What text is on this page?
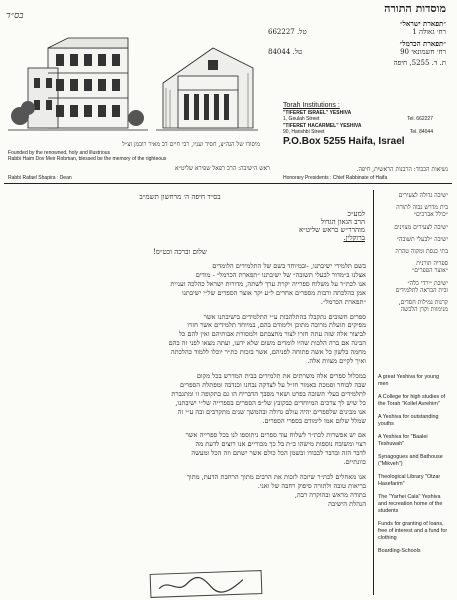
בס״ד
מוסדות התורה
״תפארת ישראל״
רח׳ גאולה 1
טל. 662227
״תפארת הכרמל״
רח׳ חשמונאי 90
טל. 84044
ת. ד. 5255, חיפה
Torah Institutions :
"TIFERET ISRAEL" YESHIVA
1, Geulah Street	Tel. 662227
"TIFERET HACARMEL" YESHIVA
90, Harishbi Street	Tel. 84044
P.O.Box 5255 Haifa, Israel
מיסודו של הגה״צ, חסיד ועניו, רבי חיים דב מאיר רובמן זצ״ל
Founded by the renowned, holy and illustrious
Rabbi Haim Dov Meir Robman, blessed be the memory of the righteous
ראש הישיבה: הרב רפאל שפירא שליט״א	נשיאות הכבוד: הרבנות הראשית, חיפה.
Rabbi Rafael Shapira : Dean	Honorary Presidents : Chief Rabbinate of Haifa
בס״ד חיפה ה׳ מרחשון תשמ״ב
למע״כ
הרב הגאון הגדול
מוהרר״ש בראש שליט״א
ברוקלין.
שלום וברכה וכט״ס!
בשם תלמידי ישיבתנו, -ובמיוחד בשם של התלמידים הלומדים
אצלנו ב״מדור לבעלי תשובה״ של ישיבתנו ״תפארת הכרמל״ - מודים
אנו לכת״ר על משלוח ספרייה יקרת ערך לשתה, מדורות ישראל כהלכה ועניית
אמן כהלכתה ורבות מספרים אחרים ל״ע יקר אוצר הספרים של״י ישיבתנו
״תפארת הכרמל״.
ספרים חשובים נתקבלו בהתלהבות ע״י התלמידים בישיבתנו אשר
מפיקים תועלת מרובה מתוכן ולימודם בהם, במיוחד תלמידים אשר חזרו
לביצור אלה שזה עתה חזרו לצור מחצבתם ולמסורת אבותיהם ואין להם כל
הבינה אם ברה הלכות שהיו לומדים משום שלא ידעו, ועתה מצאו לפני זה בהם
מחמה בלשון כל אשה פתוחה לפניהם, אשר בזכות כת״ר יוכלו ללמוד כהלכתה
ואיך לקיים מצוות אלה.
במכלול ספרים אלה משרתים את תלמידים בבית המדרש בכל מקום
שבה לבוחר וסמכת כאמור חז״ל על לצדקה נבחנו וכנדבה ומפתלת הספרים
לתלמידים בעלי תשובה בפרט ושאר מסבך הדבריח הו גם בתקופה זו ומתגברת
כל שיש לך צרכים המיוחדים כבקובץ של״פ הספרים בספרייה של״י ישיבתנו,
אנו מבינים שלספרים יהיה עולם גדולה ובהמשך שנים מתקרבים ובה ע״י זה
שמלל שלום אמו לימודם בספרי הספרים.
אם יש אפשרות לכת״ר לשלוח עוד ספרים ניתוספו לנו בכל ספרייה אשר
רצוי ומשובח נוספות מישהו כ״ת בל כך מכוריים אנו רוצים לדעת מה
לדבר הזה ובדבר לכבודו ובשמן הכל כולם אשר ישתם וזה הכל ומעשה
כוונתיים.
אנו מאחלים לכת״ר שיזכה לזכות את הרבים מתוך הרחבת הדעת, מתוך
בריאות טובה ולתורה סיפוק רחבה של ואני.
בתודה מראש ובהוקרה רבה,
הנהלת הישיבה
ישיבה גדולה לצעירים
בית מדרש גבוה לתורה
״כולל אברכים״
ישיבה לצעירים מצוינים
ישיבה ״לבעלי תשובה״
בתי כנסת ומקוה טהרה
ספריה תורנית
״אוצר הספרים״
ישיבת ״ירדי כלה״
ובית הבראה לתלמידים
קרנות גמילות חסדים,
מנימוות וקרן הלבשה
A great Yeshiva for young men
A College for high studies of the Torah "Kollel Avrehim"
A Yeshiva for outstanding youths
A Yeshiva for "Baalei Teshuwah"
Synagogues and Bathouse ("Mikveh")
Theological Library "Otzar Hasefarim"
The "Yarhei Cala" Yeshiva and recreation home of the students
Funds for granting of loans, free of interest and a fund for clothing
Boarding-Schools
